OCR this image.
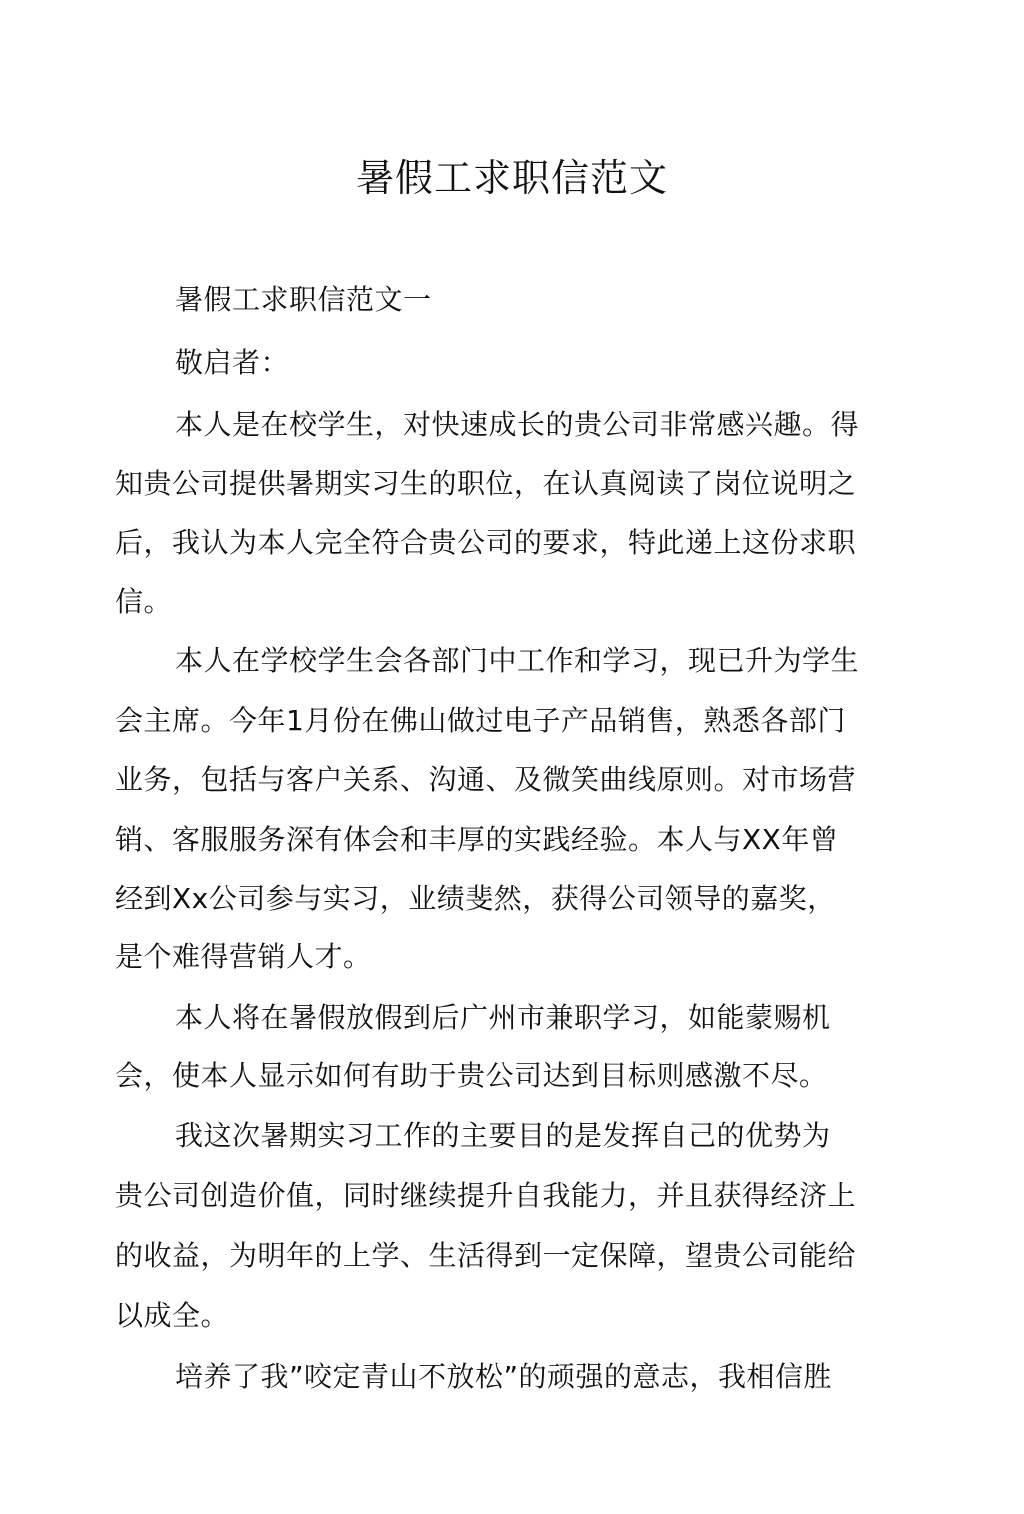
暑假工求职信范文
暑假工求职信范文一
敬启者：
本人是在校学生，对快速成长的贵公司非常感兴趣。得
知贵公司提供暑期实习生的职位，在认真阅读了岗位说明之
后，我认为本人完全符合贵公司的要求，特此递上这份求职
信。
本人在学校学生会各部门中工作和学习，现已升为学生
会主席。今年1月份在佛山做过电子产品销售，熟悉各部门
业务，包括与客户关系、沟通、及微笑曲线原则。对市场营
销、客服服务深有体会和丰厚的实践经验。本人与XX年曾
经到Xx公司参与实习，业绩斐然，获得公司领导的嘉奖，
是个难得营销人才。
本人将在暑假放假到后广州市兼职学习，如能蒙赐机
会，使本人显示如何有助于贵公司达到目标则感激不尽。
我这次暑期实习工作的主要目的是发挥自己的优势为
贵公司创造价值，同时继续提升自我能力，并且获得经济上
的收益，为明年的上学、生活得到一定保障，望贵公司能给
以成全。
培养了我”咬定青山不放松”的顽强的意志，我相信胜
